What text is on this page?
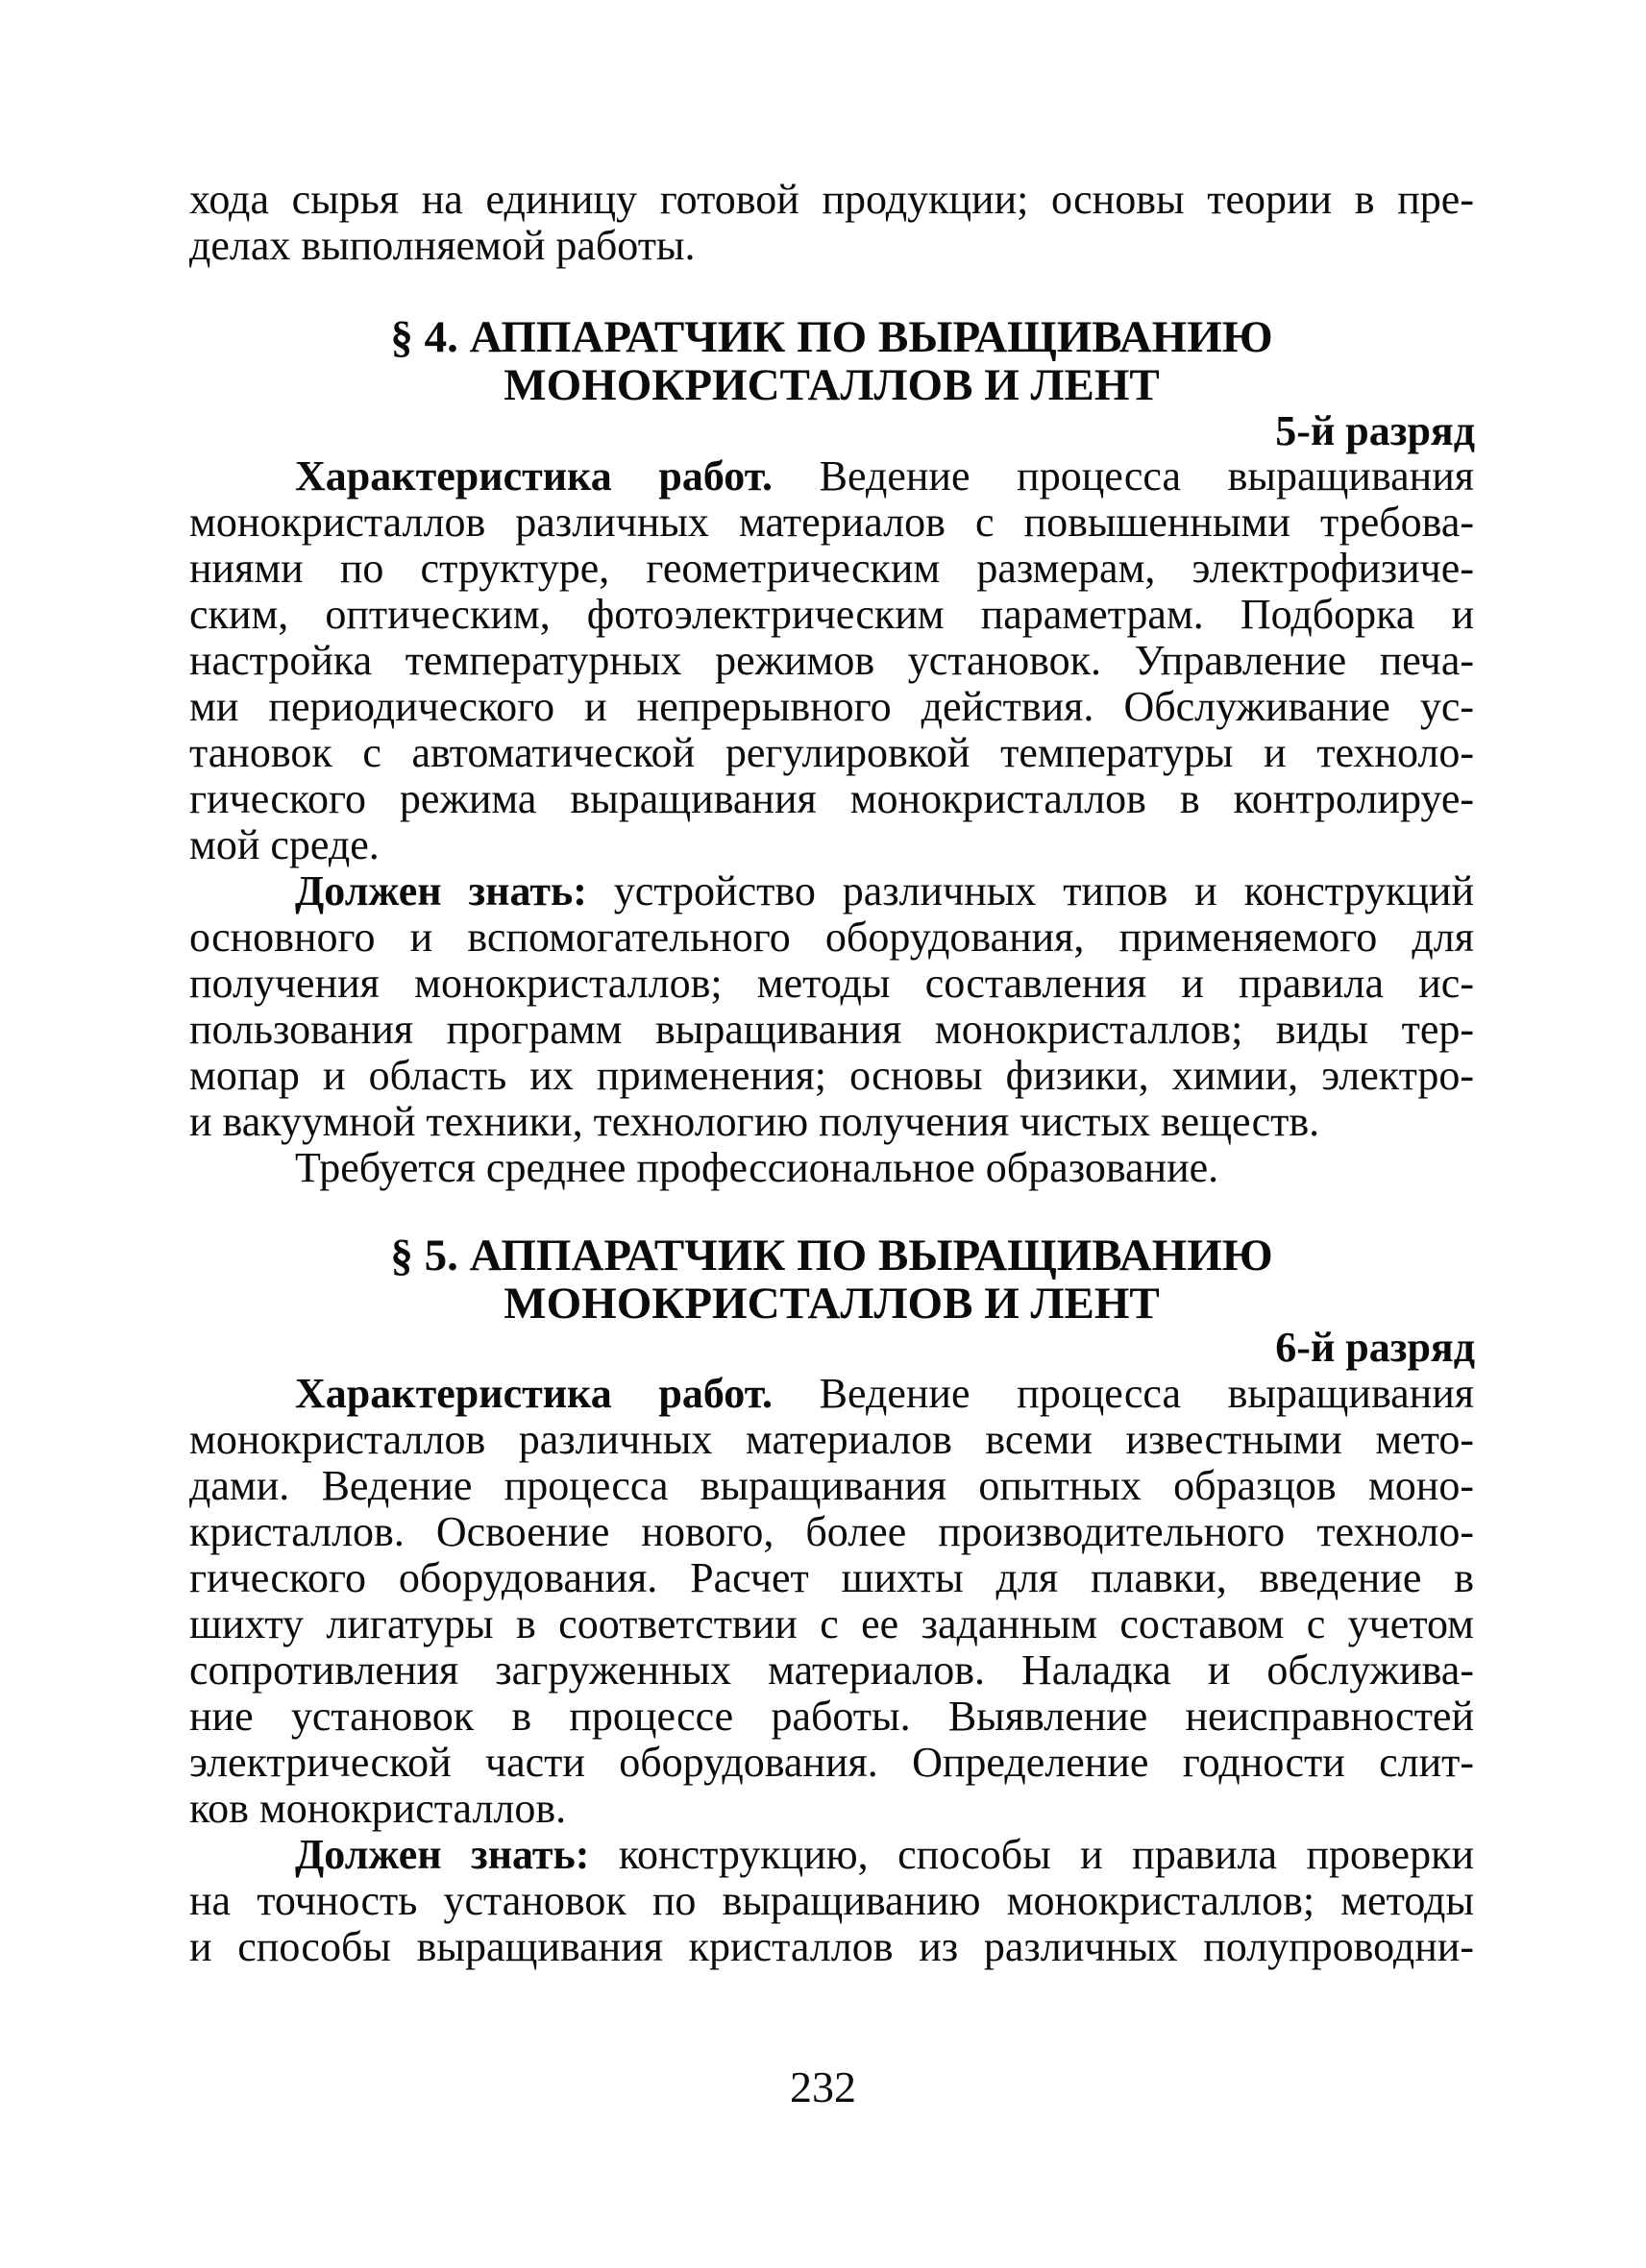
хода сырья на единицу готовой продукции; основы теории в пре-
делах выполняемой работы.
§ 4. АППАРАТЧИК ПО ВЫРАЩИВАНИЮ
МОНОКРИСТАЛЛОВ И ЛЕНТ
5-й разряд
Характеристика работ. Ведение процесса выращивания
монокристаллов различных материалов с повышенными требова-
ниями по структуре, геометрическим размерам, электрофизиче-
ским, оптическим, фотоэлектрическим параметрам. Подборка и
настройка температурных режимов установок. Управление печа-
ми периодического и непрерывного действия. Обслуживание ус-
тановок с автоматической регулировкой температуры и техноло-
гического режима выращивания монокристаллов в контролируе-
мой среде.
Должен знать: устройство различных типов и конструкций
основного и вспомогательного оборудования, применяемого для
получения монокристаллов; методы составления и правила ис-
пользования программ выращивания монокристаллов; виды тер-
мопар и область их применения; основы физики, химии, электро-
и вакуумной техники, технологию получения чистых веществ.
Требуется среднее профессиональное образование.
§ 5. АППАРАТЧИК ПО ВЫРАЩИВАНИЮ
МОНОКРИСТАЛЛОВ И ЛЕНТ
6-й разряд
Характеристика работ. Ведение процесса выращивания
монокристаллов различных материалов всеми известными мето-
дами. Ведение процесса выращивания опытных образцов моно-
кристаллов. Освоение нового, более производительного техноло-
гического оборудования. Расчет шихты для плавки, введение в
шихту лигатуры в соответствии с ее заданным составом с учетом
сопротивления загруженных материалов. Наладка и обслужива-
ние установок в процессе работы. Выявление неисправностей
электрической части оборудования. Определение годности слит-
ков монокристаллов.
Должен знать: конструкцию, способы и правила проверки
на точность установок по выращиванию монокристаллов; методы
и способы выращивания кристаллов из различных полупроводни-
232
